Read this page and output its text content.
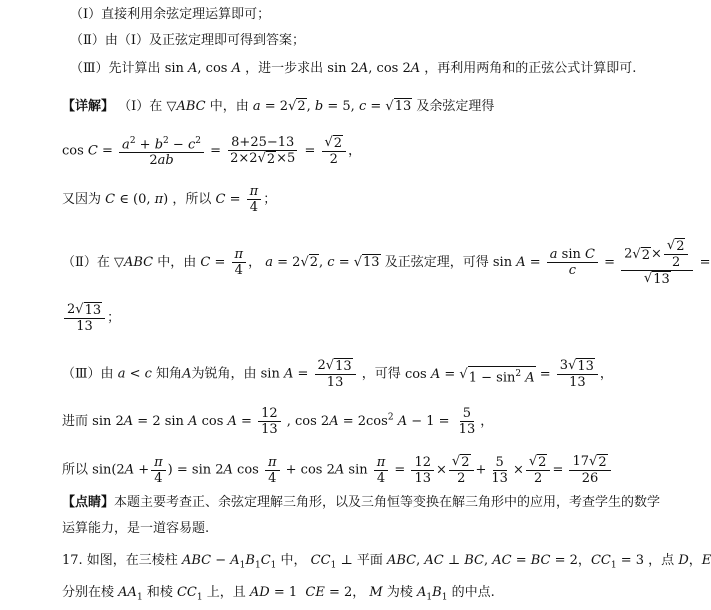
（Ⅰ）直接利用余弦定理运算即可；
（Ⅱ）由（Ⅰ）及正弦定理即可得到答案；
（Ⅲ）先计算出 sin A, cos A ，进一步求出 sin 2A, cos 2A ，再利用两角和的正弦公式计算即可.
【详解】 （Ⅰ）在 ▽ABC 中，由 a = 2 √ 2 , b = 5, c = √ 13 及余弦定理得
$\cos C = \frac{a^2 + b^2 - c^2}{2ab} = \frac{8+25-13}{2\times 2 √ 2 \times 5} = \frac{√ 2}{2}$ ，
又因为 C ∈ (0, π) ，所以 $C = \frac{\pi}{4}$ ；
（Ⅱ）在 ▽ABC 中，由 $C = \frac{\pi}{4}$ ， a = 2 √ 2 , c = √ 13 及正弦定理，可得 $\sin A = \frac{\text{a sin C}}{c} = \frac{2 √ 2 \times \frac{√ 2}{2}}{√ 13}$ =
$\frac{2 √ 13}{13}$ ；
（Ⅲ）由 a < c 知角A为锐角，由 $\sin A = \frac{2 √ 13}{13}$ ，可得 cos A = √ $1 - \sin^2 A = \frac{3 √ 13}{13}$ ，
进而 sin 2A = 2 sin A $\cos A = \frac{12}{13}$ , $\cos 2A = 2\cos^2$ $A - 1 = \frac{5}{13}$ ，
所以 $\sin(2A + \frac{\pi}{4}$ ) = sin 2A $\cos \frac{\pi}{4} + \cos 2A$ $\sin \frac{\pi}{4} = \frac{12}{13} \times \frac{√ 2}{2} + \frac{5}{13} \times \frac{√ 2}{2} = \frac{17 √ 2}{26}$
【点睛】本题主要考查正、余弦定理解三角形，以及三角恒等变换在解三角形中的应用，考查学生的数学
运算能力，是一道容易题.
17. 如图，在三棱柱 ABC − $A_1B_1C_1$ 中， $CC_1$ ⊥ 平面 ABC, AC ⊥ BC, AC = BC = 2，$CC_1 = 3$ ，点 D，E
分别在棱 $AA_1$ 和棱 $CC_1$ 上，且 AD = 1  CE = 2， M 为棱 $A_1B_1$ 的中点.
